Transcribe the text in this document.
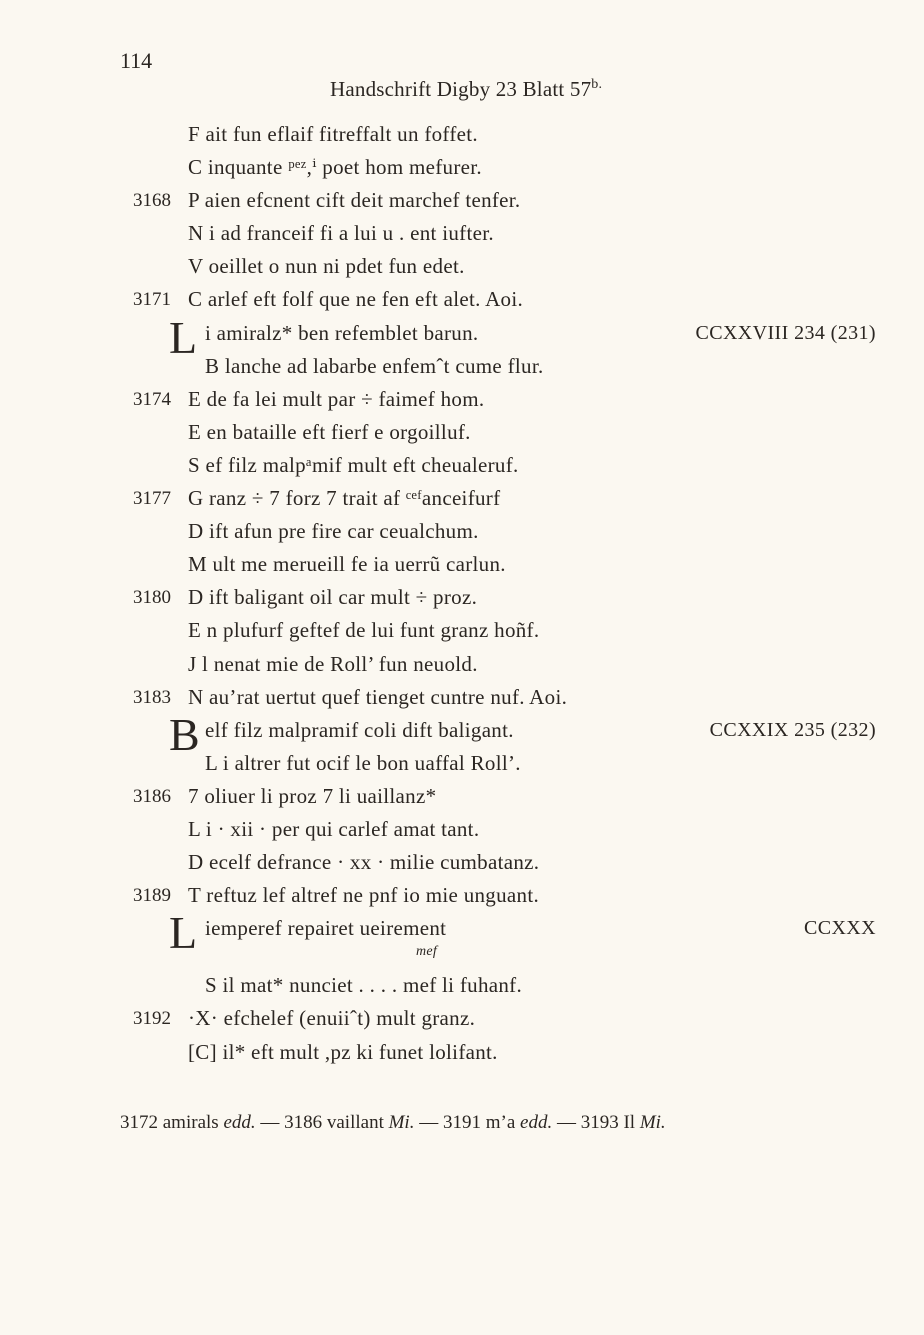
114
Handschrift Digby 23 Blatt $57^{b.}$
F ait fun eflaif fitreffalt un foffet.
C inquante ᵖᵉᶻ,ⁱ poet hom mefurer.
3168 P aien efcnent cift deit marchef tenfer.
N i ad franceif fi a lui u . ent iufter.
V oeillet o nun ni pdet fun edet.
3171 C arlef eft folf que ne fen eft alet. Aoi.
L i amiralz* ben refemblet barun.	CCXXVIII 234 (231)
B lanche ad labarbe enfemˆt cume flur.
3174 E de fa lei mult par ÷ faimef hom.
E en bataille eft fierf e orgoilluf.
S ef filz malpᵃmif mult eft cheualeruf.
3177 G ranz ÷ 7 forz 7 trait af ᶜᵉᶠanceifurf
D ift afun pre fire car ceualchum.
M ult me merueill fe ia uerrũ carlun.
3180 D ift baligant oil car mult ÷ proz.
E n plufurf geftef de lui funt granz hoñf.
J l nenat mie de Roll’ fun neuold.
3183 N auʼrat uertut quef tienget cuntre nuf. Aoi.
B elf filz malpramif coli dift baligant.	CCXXIX 235 (232)
L i altrer fut ocif le bon uaffal Roll’.
3186 7 oliuer li proz 7 li uaillanz*
L i · xii · per qui carlef amat tant.
D ecelf defrance · xx · milie cumbatanz.
3189 T reftuz lef altref ne pnf io mie unguant.
L iemperef repairet ueirement	CCXXX
mef
S il mat* nunciet . . . . mef li fuhanf.
3192 ·X· efchelef (enuiiˆt) mult granz.
[C] il* eft mult ,pz ki funet lolifant.
3172 amirals edd. — 3186 vaillant Mi. — 3191 m’a edd. — 3193 Il Mi.
